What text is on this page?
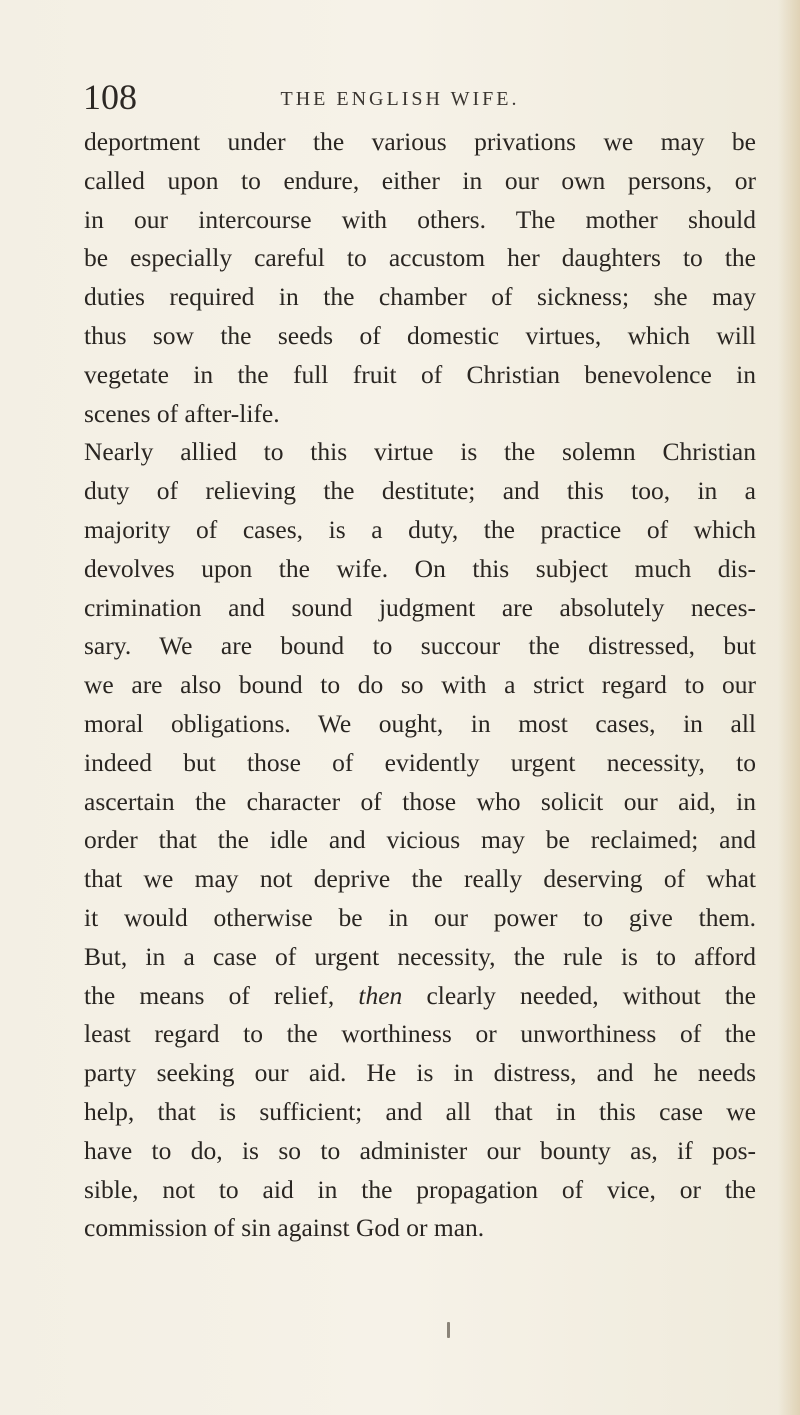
108	THE ENGLISH WIFE.
deportment under the various privations we may be
called upon to endure, either in our own persons, or
in our intercourse with others. The mother should
be especially careful to accustom her daughters to the
duties required in the chamber of sickness; she may
thus sow the seeds of domestic virtues, which will
vegetate in the full fruit of Christian benevolence in
scenes of after-life.
Nearly allied to this virtue is the solemn Christian
duty of relieving the destitute; and this too, in a
majority of cases, is a duty, the practice of which
devolves upon the wife. On this subject much dis-
crimination and sound judgment are absolutely neces-
sary. We are bound to succour the distressed, but
we are also bound to do so with a strict regard to our
moral obligations. We ought, in most cases, in all
indeed but those of evidently urgent necessity, to
ascertain the character of those who solicit our aid, in
order that the idle and vicious may be reclaimed; and
that we may not deprive the really deserving of what
it would otherwise be in our power to give them.
But, in a case of urgent necessity, the rule is to afford
the means of relief, then clearly needed, without the
least regard to the worthiness or unworthiness of the
party seeking our aid. He is in distress, and he needs
help, that is sufficient; and all that in this case we
have to do, is so to administer our bounty as, if pos-
sible, not to aid in the propagation of vice, or the
commission of sin against God or man.
